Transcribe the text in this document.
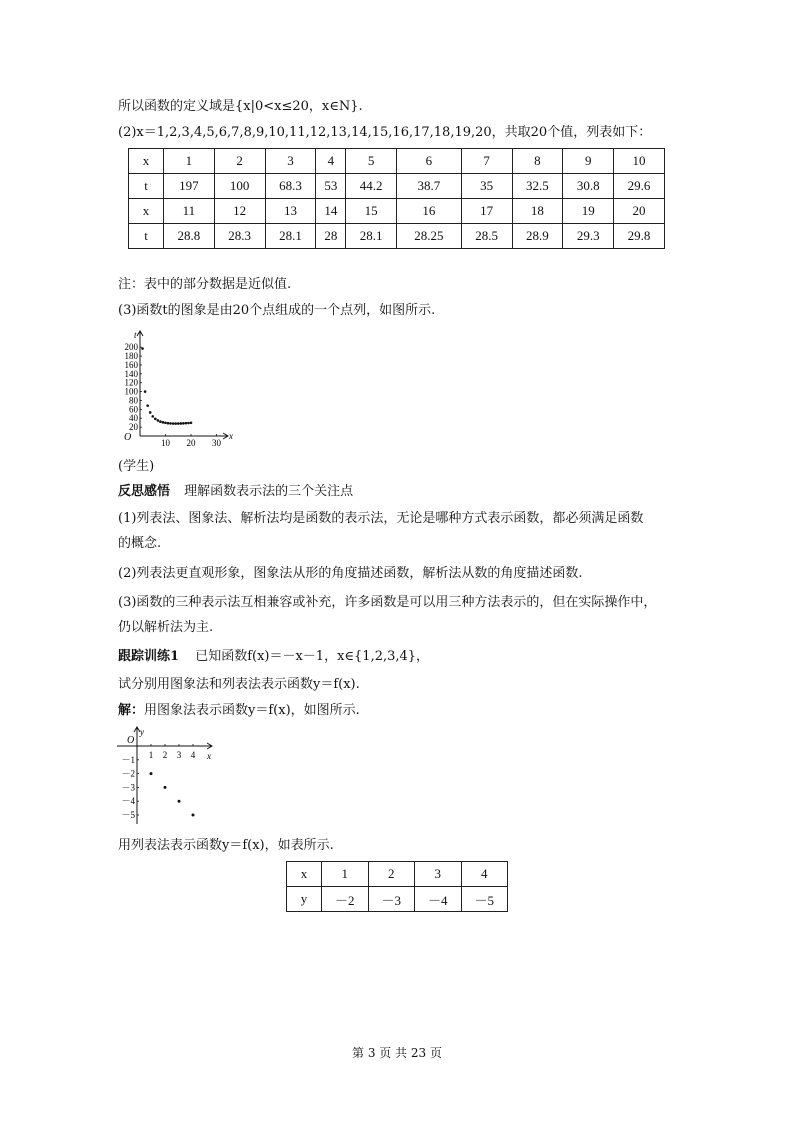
所以函数的定义域是{x|0<x≤20，x∈N}.
(2)x＝1,2,3,4,5,6,7,8,9,10,11,12,13,14,15,16,17,18,19,20，共取20个值，列表如下：
x	1	2	3	4	5	6	7	8	9	10
t	197	100	68.3	53	44.2	38.7	35	32.5	30.8	29.6
x	11	12	13	14	15	16	17	18	19	20
t	28.8	28.3	28.1	28	28.1	28.25	28.5	28.9	29.3	29.8
注：表中的部分数据是近似值.
(3)函数t的图象是由20个点组成的一个点列，如图所示.
O	x
t
20
40
60
80
100
120
140
160
180
200
10 20 30
(学生)
反思感悟 理解函数表示法的三个关注点
(1)列表法、图象法、解析法均是函数的表示法，无论是哪种方式表示函数，都必须满足函数
的概念.
(2)列表法更直观形象，图象法从形的角度描述函数，解析法从数的角度描述函数.
(3)函数的三种表示法互相兼容或补充，许多函数是可以用三种方法表示的，但在实际操作中，
仍以解析法为主.
跟踪训练1 已知函数f(x)＝－x－1，x∈{1,2,3,4}，
试分别用图象法和列表法表示函数y＝f(x).
解：用图象法表示函数y＝f(x)，如图所示.
O
x
y
1 2 3 4
－1
－2
－3
－4
－5
用列表法表示函数y＝f(x)，如表所示.
x	1	2	3	4
y	－2	－3	－4	－5
第 3 页 共 23 页
